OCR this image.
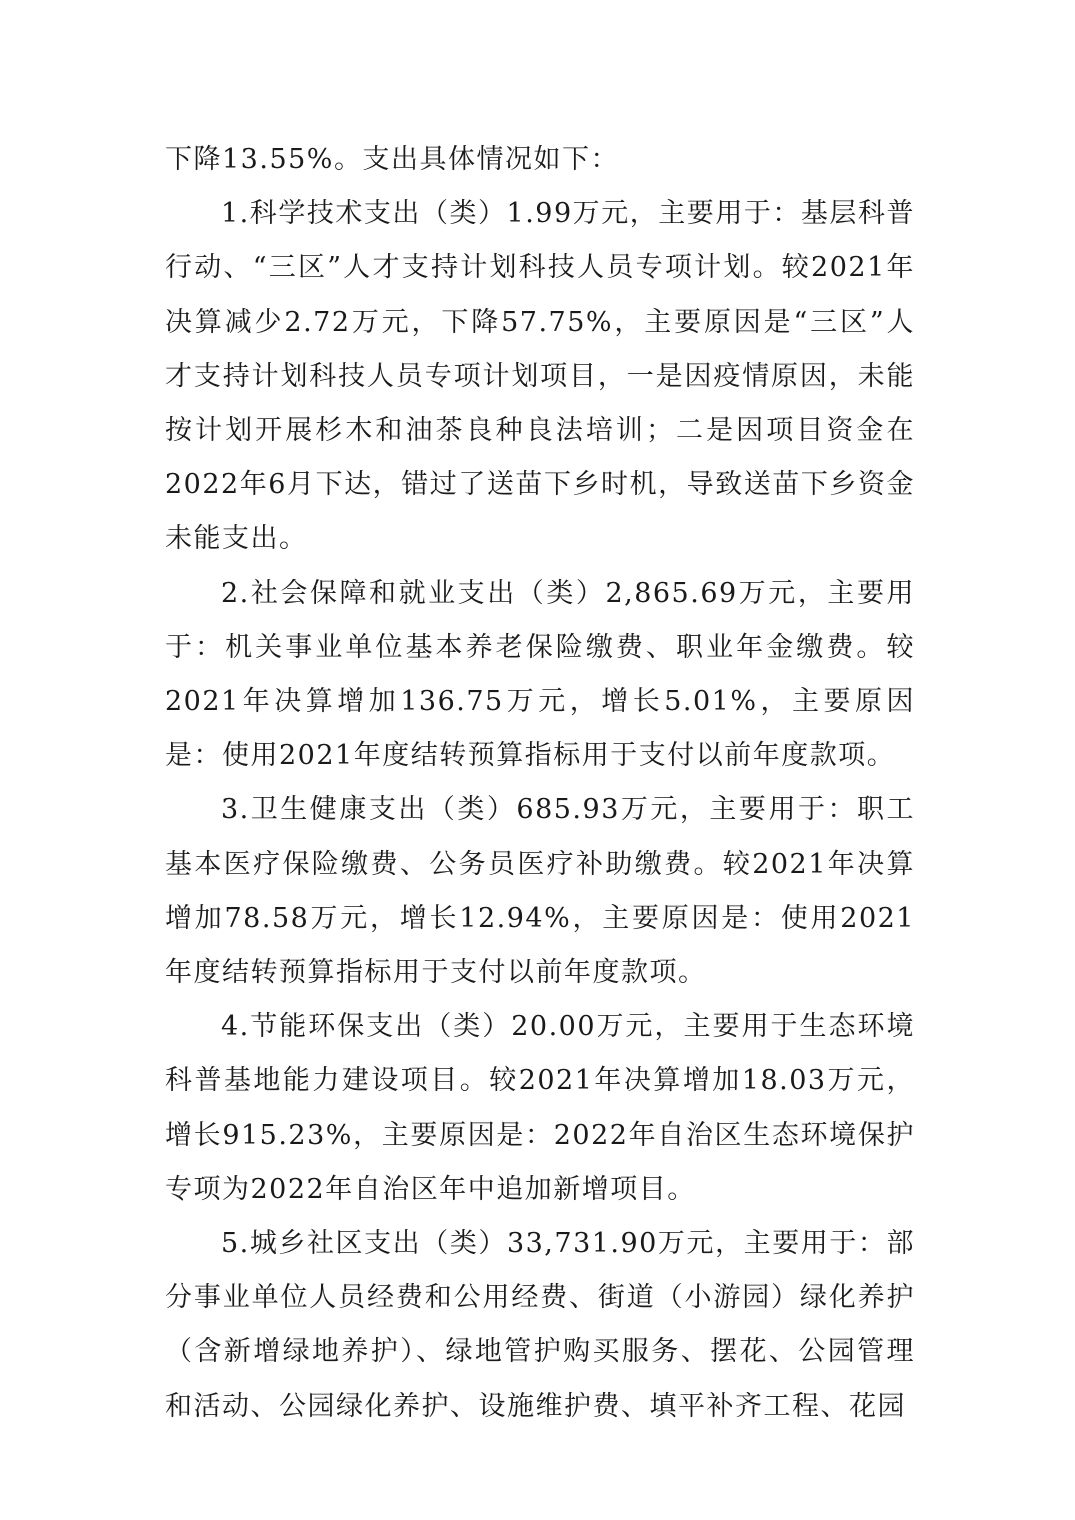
下降13.55%。支出具体情况如下：

1.科学技术支出（类）1.99万元，主要用于：基层科普行动、“三区”人才支持计划科技人员专项计划。较2021年决算减少2.72万元，下降57.75%，主要原因是“三区”人才支持计划科技人员专项计划项目，一是因疫情原因，未能按计划开展杉木和油茶良种良法培训；二是因项目资金在2022年6月下达，错过了送苗下乡时机，导致送苗下乡资金未能支出。

2.社会保障和就业支出（类）2,865.69万元，主要用于：机关事业单位基本养老保险缴费、职业年金缴费。较2021年决算增加136.75万元，增长5.01%，主要原因是：使用2021年度结转预算指标用于支付以前年度款项。

3.卫生健康支出（类）685.93万元，主要用于：职工基本医疗保险缴费、公务员医疗补助缴费。较2021年决算增加78.58万元，增长12.94%，主要原因是：使用2021年度结转预算指标用于支付以前年度款项。

4.节能环保支出（类）20.00万元，主要用于生态环境科普基地能力建设项目。较2021年决算增加18.03万元，增长915.23%，主要原因是：2022年自治区生态环境保护专项为2022年自治区年中追加新增项目。

5.城乡社区支出（类）33,731.90万元，主要用于：部分事业单位人员经费和公用经费、街道（小游园）绿化养护（含新增绿地养护）、绿地管护购买服务、摆花、公园管理和活动、公园绿化养护、设施维护费、填平补齐工程、花园
